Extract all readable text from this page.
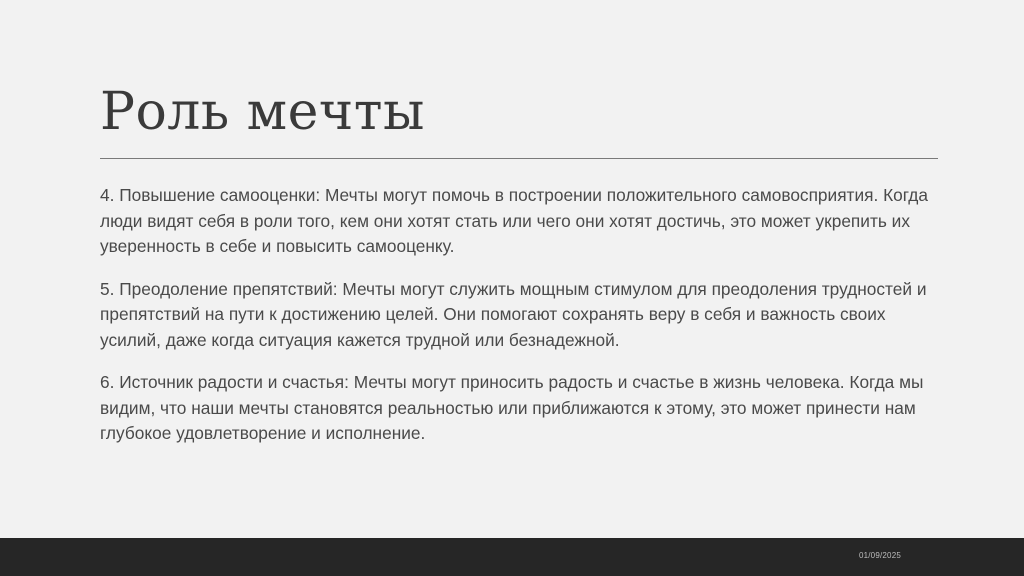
Роль мечты

4. Повышение самооценки: Мечты могут помочь в построении положительного самовосприятия. Когда люди видят себя в роли того, кем они хотят стать или чего они хотят достичь, это может укрепить их уверенность в себе и повысить самооценку.

5. Преодоление препятствий: Мечты могут служить мощным стимулом для преодоления трудностей и препятствий на пути к достижению целей. Они помогают сохранять веру в себя и важность своих усилий, даже когда ситуация кажется трудной или безнадежной.

6. Источник радости и счастья: Мечты могут приносить радость и счастье в жизнь человека. Когда мы видим, что наши мечты становятся реальностью или приближаются к этому, это может принести нам глубокое удовлетворение и исполнение.

01/09/2025
